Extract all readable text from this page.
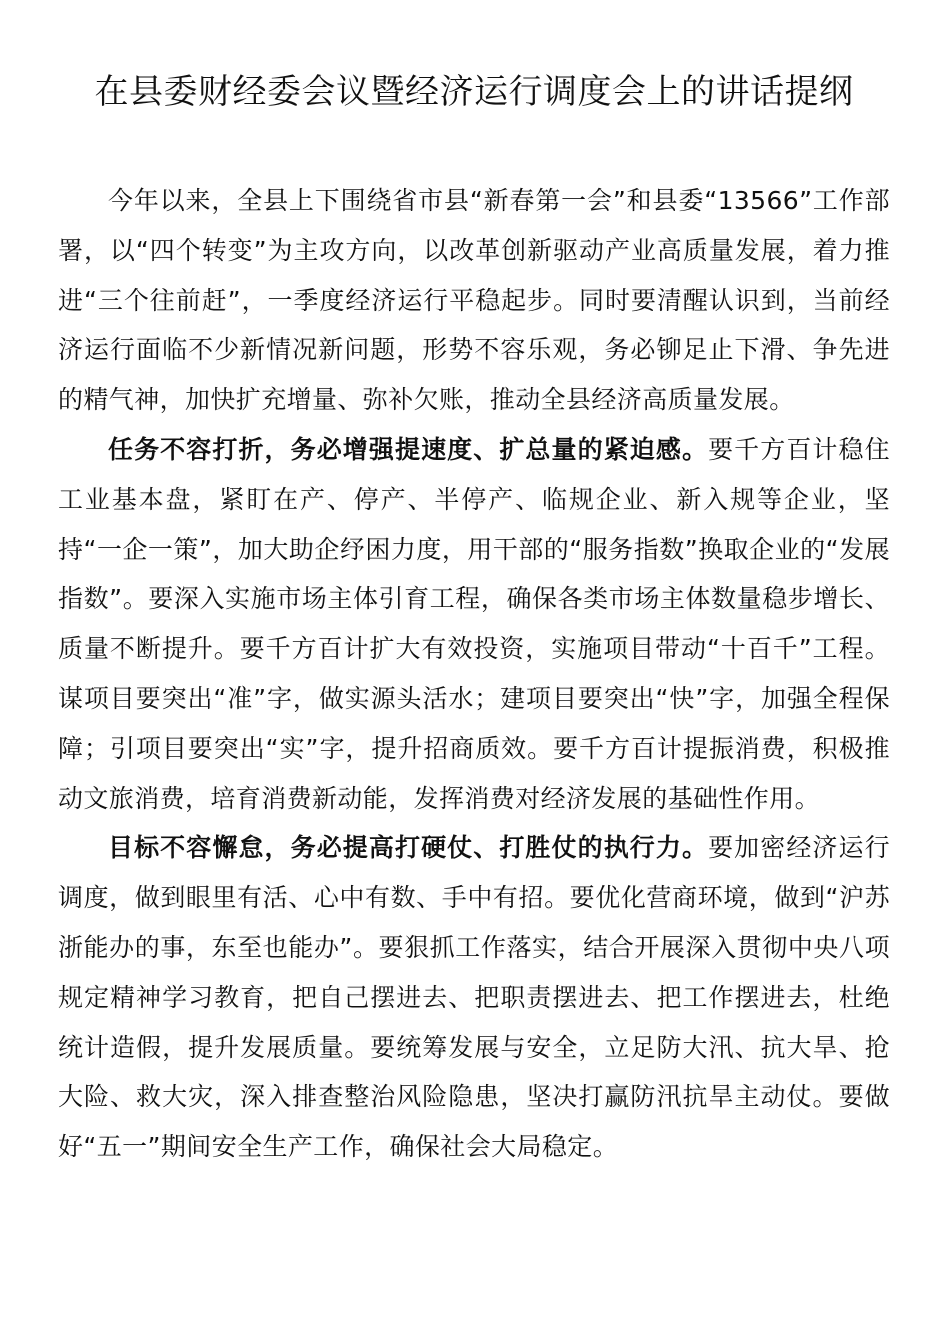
在县委财经委会议暨经济运行调度会上的讲话提纲

今年以来，全县上下围绕省市县“新春第一会”和县委“13566”工作部署，以“四个转变”为主攻方向，以改革创新驱动产业高质量发展，着力推进“三个往前赶”，一季度经济运行平稳起步。同时要清醒认识到，当前经济运行面临不少新情况新问题，形势不容乐观，务必铆足止下滑、争先进的精气神，加快扩充增量、弥补欠账，推动全县经济高质量发展。

任务不容打折，务必增强提速度、扩总量的紧迫感。要千方百计稳住工业基本盘，紧盯在产、停产、半停产、临规企业、新入规等企业，坚持“一企一策”，加大助企纾困力度，用干部的“服务指数”换取企业的“发展指数”。要深入实施市场主体引育工程，确保各类市场主体数量稳步增长、质量不断提升。要千方百计扩大有效投资，实施项目带动“十百千”工程。谋项目要突出“准”字，做实源头活水；建项目要突出“快”字，加强全程保障；引项目要突出“实”字，提升招商质效。要千方百计提振消费，积极推动文旅消费，培育消费新动能，发挥消费对经济发展的基础性作用。

目标不容懈怠，务必提高打硬仗、打胜仗的执行力。要加密经济运行调度，做到眼里有活、心中有数、手中有招。要优化营商环境，做到“沪苏浙能办的事，东至也能办”。要狠抓工作落实，结合开展深入贯彻中央八项规定精神学习教育，把自己摆进去、把职责摆进去、把工作摆进去，杜绝统计造假，提升发展质量。要统筹发展与安全，立足防大汛、抗大旱、抢大险、救大灾，深入排查整治风险隐患，坚决打赢防汛抗旱主动仗。要做好“五一”期间安全生产工作，确保社会大局稳定。
